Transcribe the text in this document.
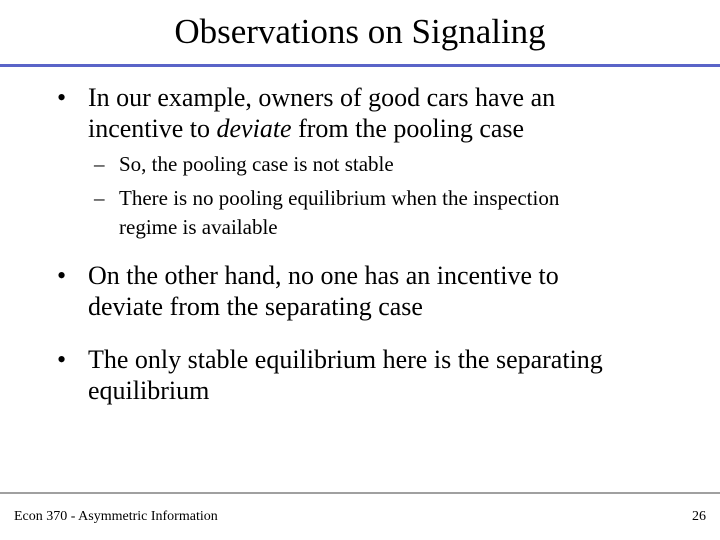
Observations on Signaling
• In our example, owners of good cars have an
incentive to deviate from the pooling case
– So, the pooling case is not stable
– There is no pooling equilibrium when the inspection
regime is available
• On the other hand, no one has an incentive to
deviate from the separating case
• The only stable equilibrium here is the separating
equilibrium
Econ 370 - Asymmetric Information	26
